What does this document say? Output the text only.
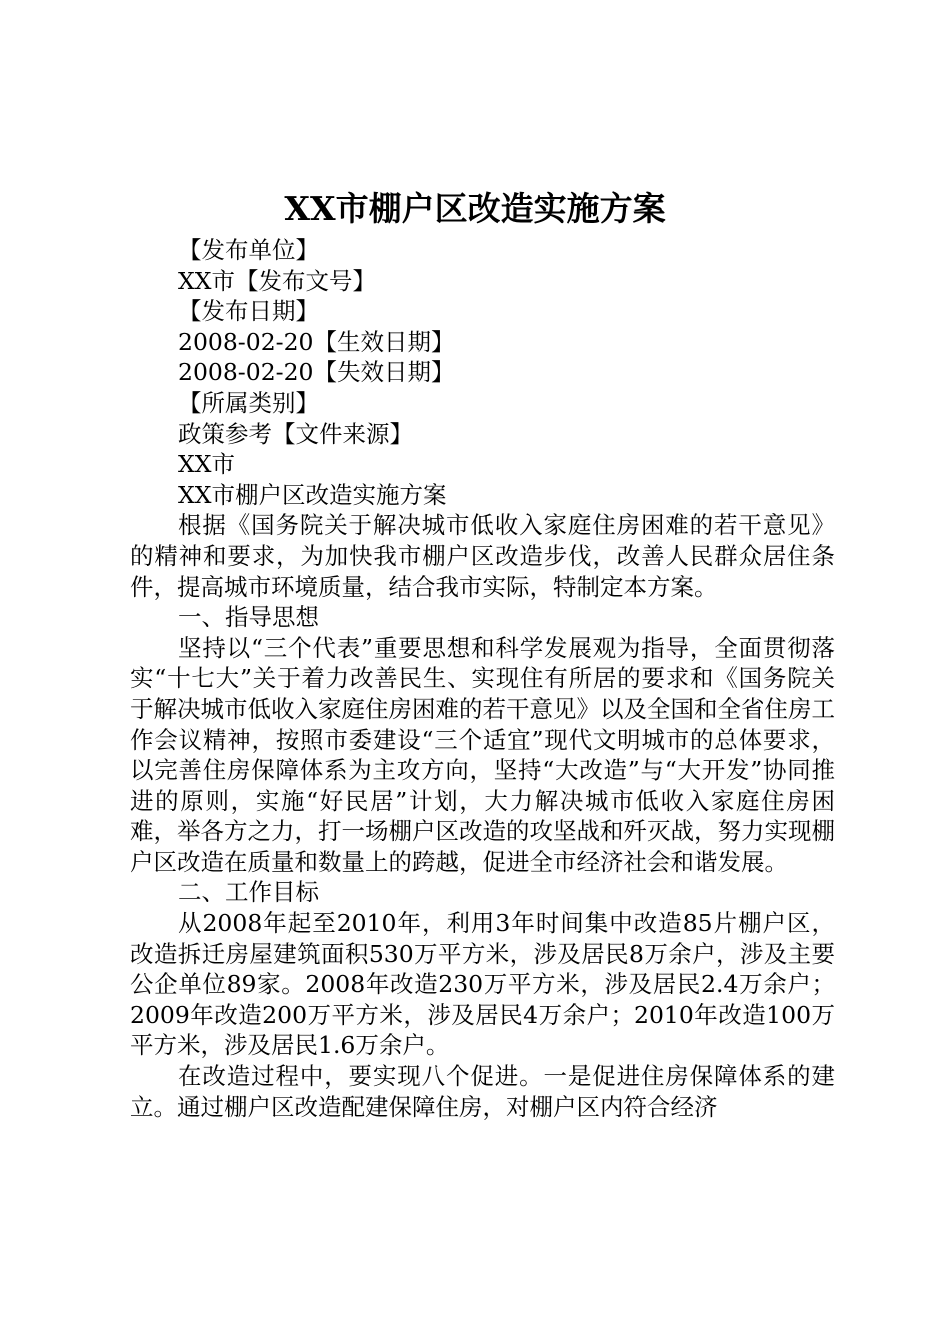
XX市棚户区改造实施方案

【发布单位】

XX市【发布文号】

【发布日期】

2008-02-20【生效日期】

2008-02-20【失效日期】

【所属类别】

政策参考【文件来源】

XX市

XX市棚户区改造实施方案

根据《国务院关于解决城市低收入家庭住房困难的若干意见》的精神和要求，为加快我市棚户区改造步伐，改善人民群众居住条件，提高城市环境质量，结合我市实际，特制定本方案。

一、指导思想

坚持以“三个代表”重要思想和科学发展观为指导，全面贯彻落实“十七大”关于着力改善民生、实现住有所居的要求和《国务院关于解决城市低收入家庭住房困难的若干意见》以及全国和全省住房工作会议精神，按照市委建设“三个适宜”现代文明城市的总体要求，以完善住房保障体系为主攻方向，坚持“大改造”与“大开发”协同推进的原则，实施“好民居”计划，大力解决城市低收入家庭住房困难，举各方之力，打一场棚户区改造的攻坚战和歼灭战，努力实现棚户区改造在质量和数量上的跨越，促进全市经济社会和谐发展。

二、工作目标

从2008年起至2010年，利用3年时间集中改造85片棚户区，改造拆迁房屋建筑面积530万平方米，涉及居民8万余户，涉及主要公企单位89家。2008年改造230万平方米，涉及居民2.4万余户；2009年改造200万平方米，涉及居民4万余户；2010年改造100万平方米，涉及居民1.6万余户。

在改造过程中，要实现八个促进。一是促进住房保障体系的建立。通过棚户区改造配建保障住房，对棚户区内符合经济
